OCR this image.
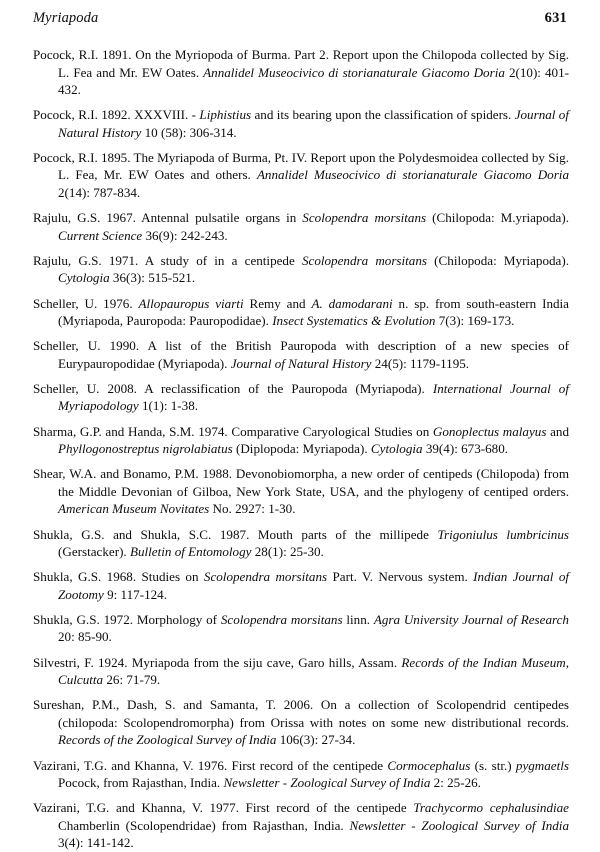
Myriapoda	631

Pocock, R.I. 1891. On the Myriopoda of Burma. Part 2. Report upon the Chilopoda collected by Sig. L. Fea and Mr. EW Oates. Annalidel Museocivico di storianaturale Giacomo Doria 2(10): 401-432.

Pocock, R.I. 1892. XXXVIII. - Liphistius and its bearing upon the classification of spiders. Journal of Natural History 10 (58): 306-314.

Pocock, R.I. 1895. The Myriapoda of Burma, Pt. IV. Report upon the Polydesmoidea collected by Sig. L. Fea, Mr. EW Oates and others. Annalidel Museocivico di storianaturale Giacomo Doria 2(14): 787-834.

Rajulu, G.S. 1967. Antennal pulsatile organs in Scolopendra morsitans (Chilopoda: M.yriapoda). Current Science 36(9): 242-243.

Rajulu, G.S. 1971. A study of in a centipede Scolopendra morsitans (Chilopoda: Myriapoda). Cytologia 36(3): 515-521.

Scheller, U. 1976. Allopauropus viarti Remy and A. damodarani n. sp. from south-eastern India (Myriapoda, Pauropoda: Pauropodidae). Insect Systematics & Evolution 7(3): 169-173.

Scheller, U. 1990. A list of the British Pauropoda with description of a new species of Eurypauropodidae (Myriapoda). Journal of Natural History 24(5): 1179-1195.

Scheller, U. 2008. A reclassification of the Pauropoda (Myriapoda). International Journal of Myriapodology 1(1): 1-38.

Sharma, G.P. and Handa, S.M. 1974. Comparative Caryological Studies on Gonoplectus malayus and Phyllogonostreptus nigrolabiatus (Diplopoda: Myriapoda). Cytologia 39(4): 673-680.

Shear, W.A. and Bonamo, P.M. 1988. Devonobiomorpha, a new order of centipeds (Chilopoda) from the Middle Devonian of Gilboa, New York State, USA, and the phylogeny of centiped orders. American Museum Novitates No. 2927: 1-30.

Shukla, G.S. and Shukla, S.C. 1987. Mouth parts of the millipede Trigoniulus lumbricinus (Gerstacker). Bulletin of Entomology 28(1): 25-30.

Shukla, G.S. 1968. Studies on Scolopendra morsitans Part. V. Nervous system. Indian Journal of Zootomy 9: 117-124.

Shukla, G.S. 1972. Morphology of Scolopendra morsitans linn. Agra University Journal of Research 20: 85-90.

Silvestri, F. 1924. Myriapoda from the siju cave, Garo hills, Assam. Records of the Indian Museum, Culcutta 26: 71-79.

Sureshan, P.M., Dash, S. and Samanta, T. 2006. On a collection of Scolopendrid centipedes (chilopoda: Scolopendromorpha) from Orissa with notes on some new distributional records. Records of the Zoological Survey of India 106(3): 27-34.

Vazirani, T.G. and Khanna, V. 1976. First record of the centipede Cormocephalus (s. str.) pygmaetls Pocock, from Rajasthan, India. Newsletter - Zoological Survey of India 2: 25-26.

Vazirani, T.G. and Khanna, V. 1977. First record of the centipede Trachycormo cephalusindiae Chamberlin (Scolopendridae) from Rajasthan, India. Newsletter - Zoological Survey of India 3(4): 141-142.
